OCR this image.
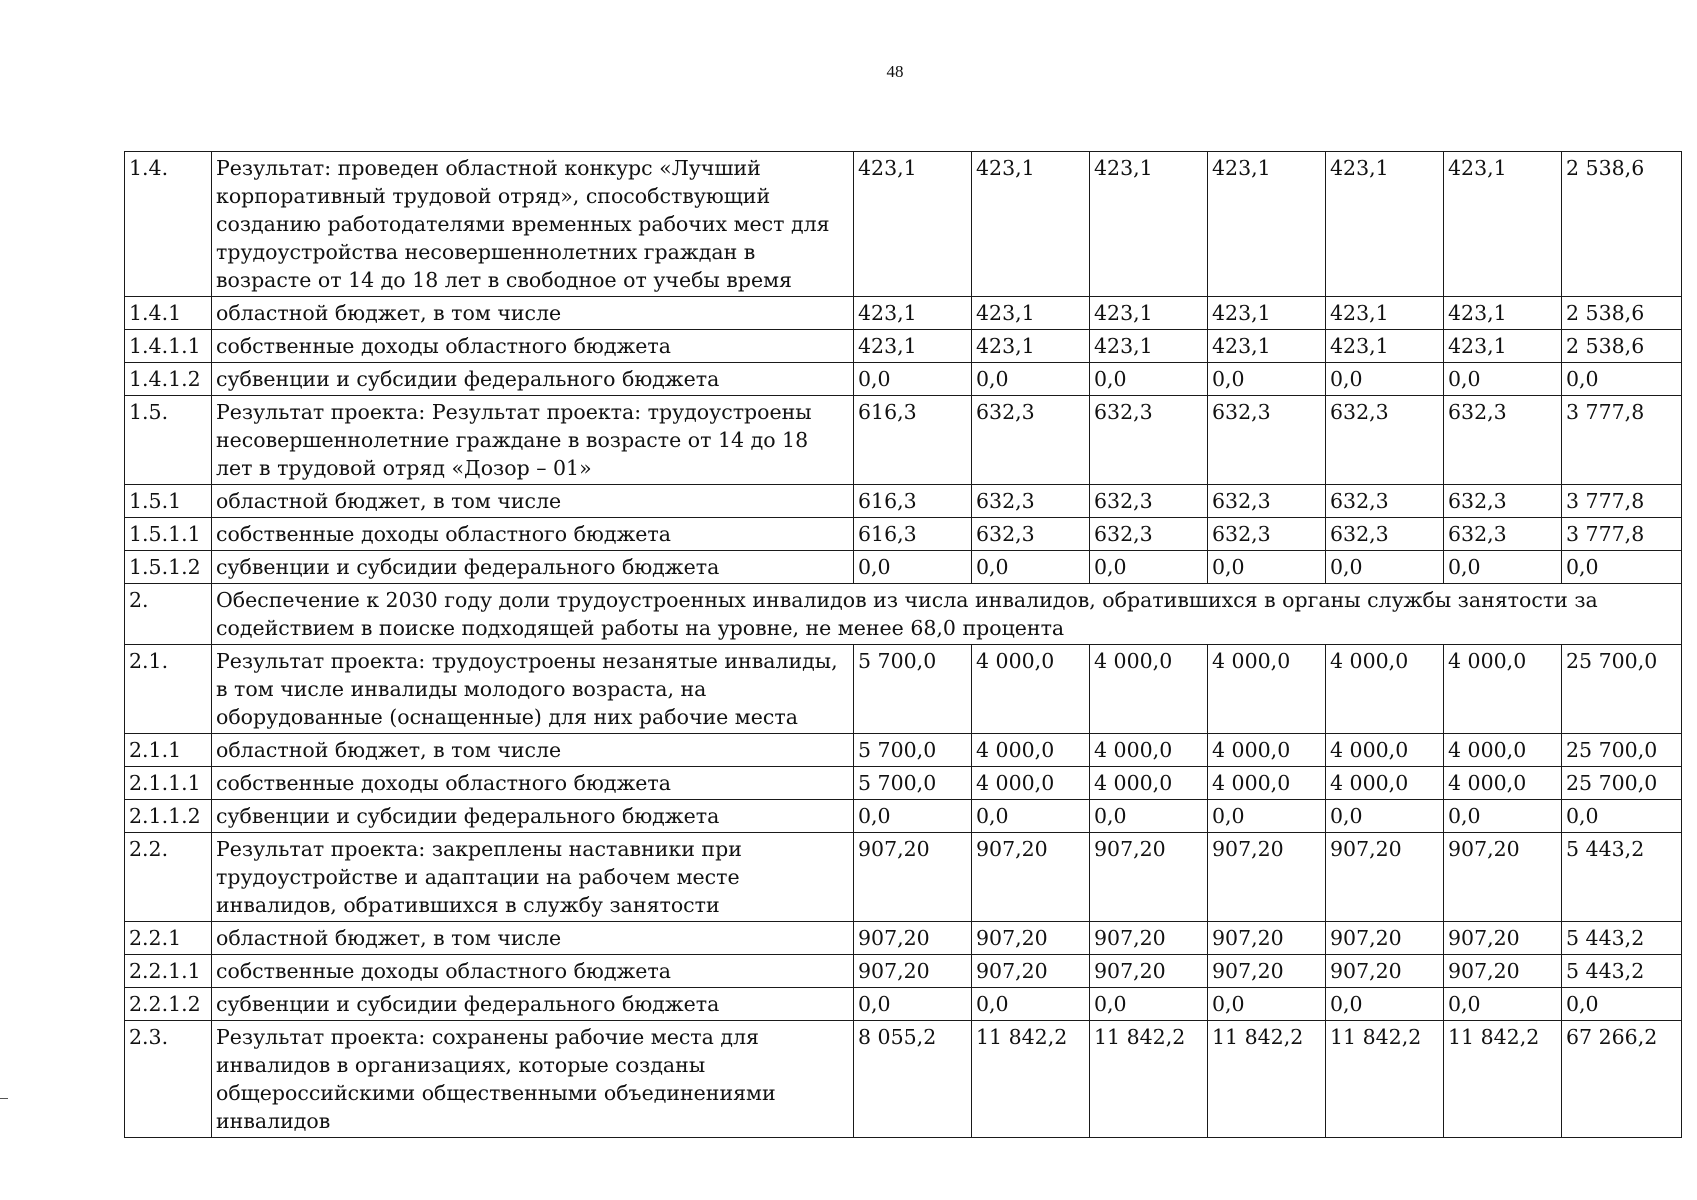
48
1.4.	Результат: проведен областной конкурс «Лучший корпоративный трудовой отряд», способствующий созданию работодателями временных рабочих мест для трудоустройства несовершеннолетних граждан в возрасте от 14 до 18 лет в свободное от учебы время	423,1	423,1	423,1	423,1	423,1	423,1	2 538,6
1.4.1	областной бюджет, в том числе	423,1	423,1	423,1	423,1	423,1	423,1	2 538,6
1.4.1.1	собственные доходы областного бюджета	423,1	423,1	423,1	423,1	423,1	423,1	2 538,6
1.4.1.2	субвенции и субсидии федерального бюджета	0,0	0,0	0,0	0,0	0,0	0,0	0,0
1.5.	Результат проекта: Результат проекта: трудоустроены несовершеннолетние граждане в возрасте от 14 до 18 лет в трудовой отряд «Дозор – 01»	616,3	632,3	632,3	632,3	632,3	632,3	3 777,8
1.5.1	областной бюджет, в том числе	616,3	632,3	632,3	632,3	632,3	632,3	3 777,8
1.5.1.1	собственные доходы областного бюджета	616,3	632,3	632,3	632,3	632,3	632,3	3 777,8
1.5.1.2	субвенции и субсидии федерального бюджета	0,0	0,0	0,0	0,0	0,0	0,0	0,0
2.	Обеспечение к 2030 году доли трудоустроенных инвалидов из числа инвалидов, обратившихся в органы службы занятости за содействием в поиске подходящей работы на уровне, не менее 68,0 процента							
2.1.	Результат проекта: трудоустроены незанятые инвалиды, в том числе инвалиды молодого возраста, на оборудованные (оснащенные) для них рабочие места	5 700,0	4 000,0	4 000,0	4 000,0	4 000,0	4 000,0	25 700,0
2.1.1	областной бюджет, в том числе	5 700,0	4 000,0	4 000,0	4 000,0	4 000,0	4 000,0	25 700,0
2.1.1.1	собственные доходы областного бюджета	5 700,0	4 000,0	4 000,0	4 000,0	4 000,0	4 000,0	25 700,0
2.1.1.2	субвенции и субсидии федерального бюджета	0,0	0,0	0,0	0,0	0,0	0,0	0,0
2.2.	Результат проекта: закреплены наставники при трудоустройстве и адаптации на рабочем месте инвалидов, обратившихся в службу занятости	907,20	907,20	907,20	907,20	907,20	907,20	5 443,2
2.2.1	областной бюджет, в том числе	907,20	907,20	907,20	907,20	907,20	907,20	5 443,2
2.2.1.1	собственные доходы областного бюджета	907,20	907,20	907,20	907,20	907,20	907,20	5 443,2
2.2.1.2	субвенции и субсидии федерального бюджета	0,0	0,0	0,0	0,0	0,0	0,0	0,0
2.3.	Результат проекта: сохранены рабочие места для инвалидов в организациях, которые созданы общероссийскими общественными объединениями инвалидов	8 055,2	11 842,2	11 842,2	11 842,2	11 842,2	11 842,2	67 266,2
